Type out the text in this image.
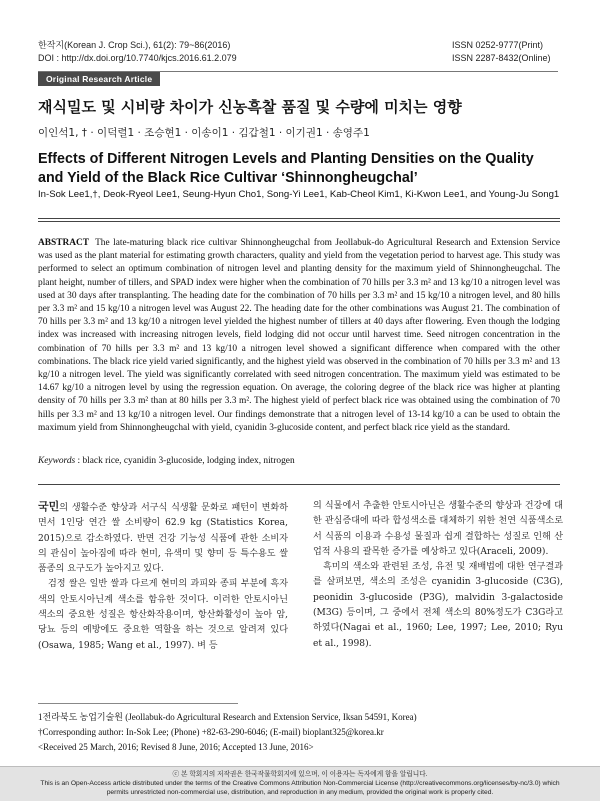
한작지(Korean J. Crop Sci.), 61(2): 79~86(2016)
DOI : http://dx.doi.org/10.7740/kjcs.2016.61.2.079
ISSN 0252-9777(Print)
ISSN 2287-8432(Online)
Original Research Article
재식밀도 및 시비량 차이가 신농흑찰 품질 및 수량에 미치는 영향
이인석1, † · 이덕렬1 · 조승현1 · 이송이1 · 김갑철1 · 이기권1 · 송영주1
Effects of Different Nitrogen Levels and Planting Densities on the Quality and Yield of the Black Rice Cultivar ‘Shinnongheugchal’
In-Sok Lee1,†, Deok-Ryeol Lee1, Seung-Hyun Cho1, Song-Yi Lee1, Kab-Cheol Kim1, Ki-Kwon Lee1, and Young-Ju Song1
ABSTRACT The late-maturing black rice cultivar Shinnongheugchal from Jeollabuk-do Agricultural Research and Extension Service was used as the plant material for estimating growth characters, quality and yield from the vegetation period to harvest age. This study was performed to select an optimum combination of nitrogen level and planting density for the maximum yield of Shinnongheugchal. The plant height, number of tillers, and SPAD index were higher when the combination of 70 hills per 3.3 m² and 13 kg/10 a nitrogen level was used at 30 days after transplanting. The heading date for the combination of 70 hills per 3.3 m² and 15 kg/10 a nitrogen level, and 80 hills per 3.3 m² and 15 kg/10 a nitrogen level was August 22. The heading date for the other combinations was August 21. The combination of 70 hills per 3.3 m² and 13 kg/10 a nitrogen level yielded the highest number of tillers at 40 days after flowering. Even though the lodging index was increased with increasing nitrogen levels, field lodging did not occur until harvest time. Seed nitrogen concentration in the combination of 70 hills per 3.3 m² and 13 kg/10 a nitrogen level showed a significant difference when compared with the other combinations. The black rice yield varied significantly, and the highest yield was observed in the combination of 70 hills per 3.3 m² and 13 kg/10 a nitrogen level. The yield was significantly correlated with seed nitrogen concentration. The maximum yield was estimated to be 14.67 kg/10 a nitrogen level by using the regression equation. On average, the coloring degree of the black rice was higher at planting density of 70 hills per 3.3 m² than at 80 hills per 3.3 m². The highest yield of perfect black rice was obtained using the combination of 70 hills per 3.3 m² and 13 kg/10 a nitrogen level. Our findings demonstrate that a nitrogen level of 13-14 kg/10 a can be used to obtain the maximum yield from Shinnongheugchal with yield, cyanidin 3-glucoside content, and perfect black rice yield as the standard.
Keywords : black rice, cyanidin 3-glucoside, lodging index, nitrogen

국민의 생활수준 향상과 서구식 식생활 문화로 패턴이 변화하면서 1인당 연간 쌀 소비량이 62.9 kg (Statistics Korea, 2015)으로 감소하였다. 반면 건강 기능성 식품에 관한 소비자의 관심이 높아짐에 따라 현미, 유색미 및 향미 등 특수용도 쌀 품종의 요구도가 높아지고 있다.

검정 쌀은 일반 쌀과 다르게 현미의 과피와 종피 부분에 흑자색의 안토시아닌계 색소를 함유한 것이다. 이러한 안토시아닌 색소의 중요한 성질은 항산화작용이며, 항산화활성이 높아 암, 당뇨 등의 예방에도 중요한 역할을 하는 것으로 알려져 있다(Osawa, 1985; Wang et al., 1997). 벼 등

의 식물에서 추출한 안토시아닌은 생활수준의 향상과 건강에 대한 관심증대에 따라 합성색소를 대체하기 위한 천연 식품색소로서 식품의 이용과 수용성 물질과 쉽게 결합하는 성질로 인해 산업적 사용의 괄목한 증가를 예상하고 있다(Araceli, 2009).

흑미의 색소와 관련된 조성, 유전 및 재배법에 대한 연구결과를 살펴보면, 색소의 조성은 cyanidin 3-glucoside (C3G), peonidin 3-glucoside (P3G), malvidin 3-galactoside (M3G) 등이며, 그 중에서 전체 색소의 80%정도가 C3G라고 하였다(Nagai et al., 1960; Lee, 1997; Lee, 2010; Ryu et al., 1998).

1전라북도 농업기술원 (Jeollabuk-do Agricultural Research and Extension Service, Iksan 54591, Korea)
†Corresponding author: In-Sok Lee; (Phone) +82-63-290-6046; (E-mail) bioplant325@korea.kr
<Received 25 March, 2016; Revised 8 June, 2016; Accepted 13 June, 2016>
ⓒ 본 학회지의 저작권은 한국작물학회지에 있으며, 이 이용자는 독자에게 함을 알립니다.
This is an Open-Access article distributed under the terms of the Creative Commons Attribution Non-Commercial License (http://creativecommons.org/licenses/by-nc/3.0) which
permits unrestricted non-commercial use, distribution, and reproduction in any medium, provided the original work is properly cited.
